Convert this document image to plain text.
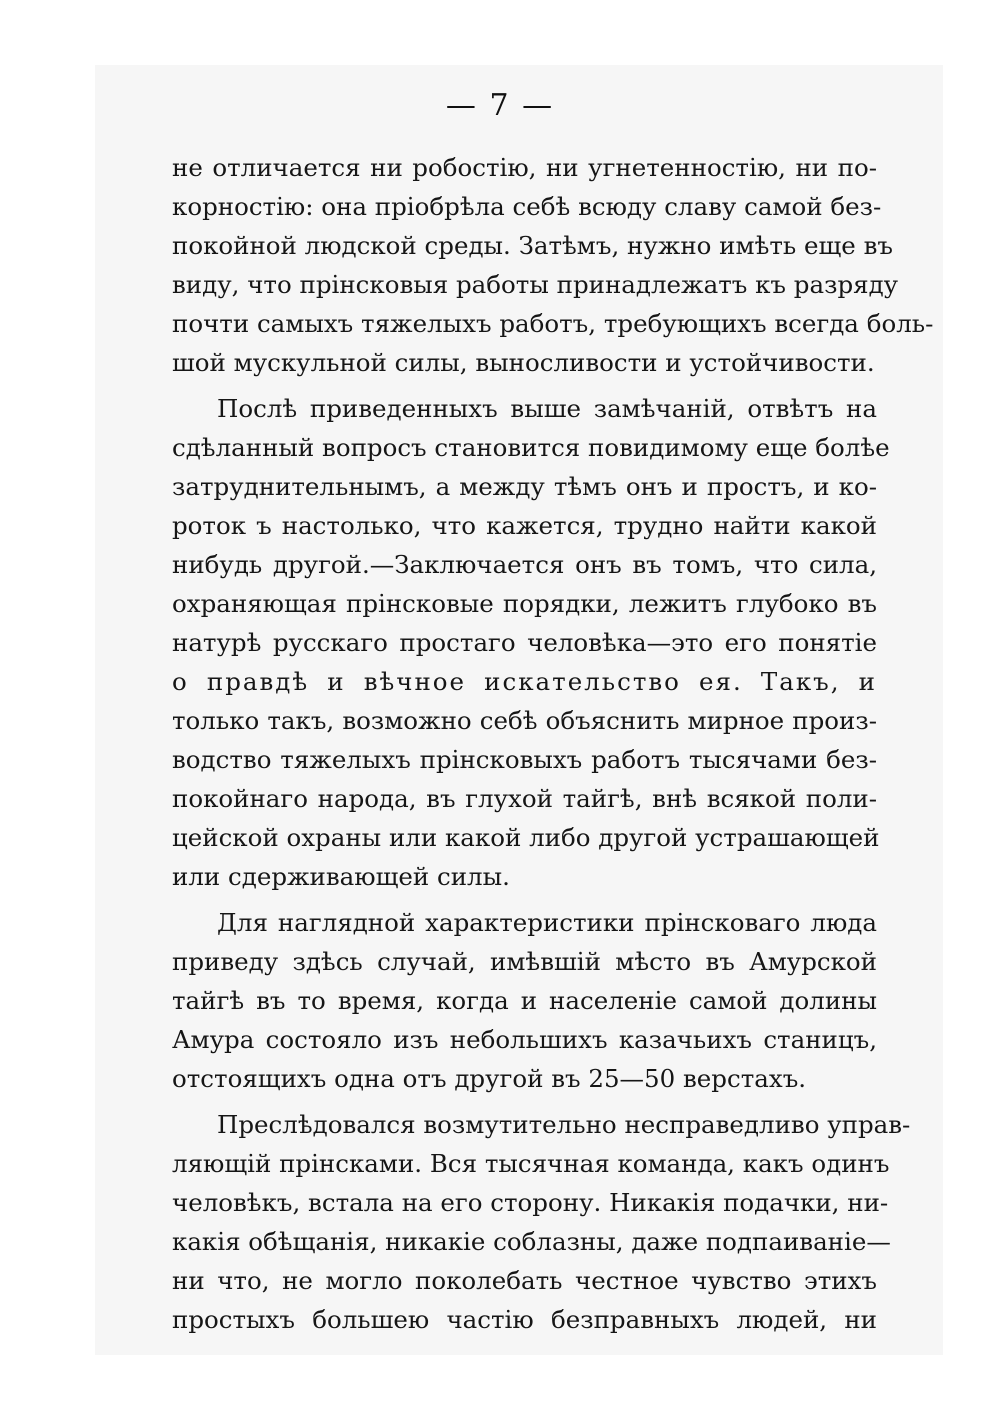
— 7 —
не отличается ни робостію, ни угнетенностію, ни по-
корностію: она пріобрѣла себѣ всюду славу самой без-
покойной людской среды. Затѣмъ, нужно имѣть еще въ
виду, что прінсковыя работы принадлежатъ къ разряду
почти самыхъ тяжелыхъ работъ, требующихъ всегда боль-
шой мускульной силы, выносливости и устойчивости.
Послѣ приведенныхъ выше замѣчаній, отвѣтъ на
сдѣланный вопросъ становится повидимому еще болѣе
затруднительнымъ, а между тѣмъ онъ и простъ, и ко-
роток ъ настолько, что кажется, трудно найти какой
нибудь другой.—Заключается онъ въ томъ, что сила,
охраняющая прінсковые порядки, лежитъ глубоко въ
натурѣ русскаго простаго человѣка—это его понятіе
о правдѣ и вѣчное искательство ея. Такъ, и
только такъ, возможно себѣ объяснить мирное произ-
водство тяжелыхъ прінсковыхъ работъ тысячами без-
покойнаго народа, въ глухой тайгѣ, внѣ всякой поли-
цейской охраны или какой либо другой устрашающей
или сдерживающей силы.
Для наглядной характеристики прінсковаго люда
приведу здѣсь случай, имѣвшій мѣсто въ Амурской
тайгѣ въ то время, когда и населеніе самой долины
Амура состояло изъ небольшихъ казачьихъ станицъ,
отстоящихъ одна отъ другой въ 25—50 верстахъ.
Преслѣдовался возмутительно несправедливо управ-
ляющій прінсками. Вся тысячная команда, какъ одинъ
человѣкъ, встала на его сторону. Никакія подачки, ни-
какія обѣщанія, никакіе соблазны, даже подпаиваніе—
ни что, не могло поколебать честное чувство этихъ
простыхъ большею частію безправныхъ людей, ни
